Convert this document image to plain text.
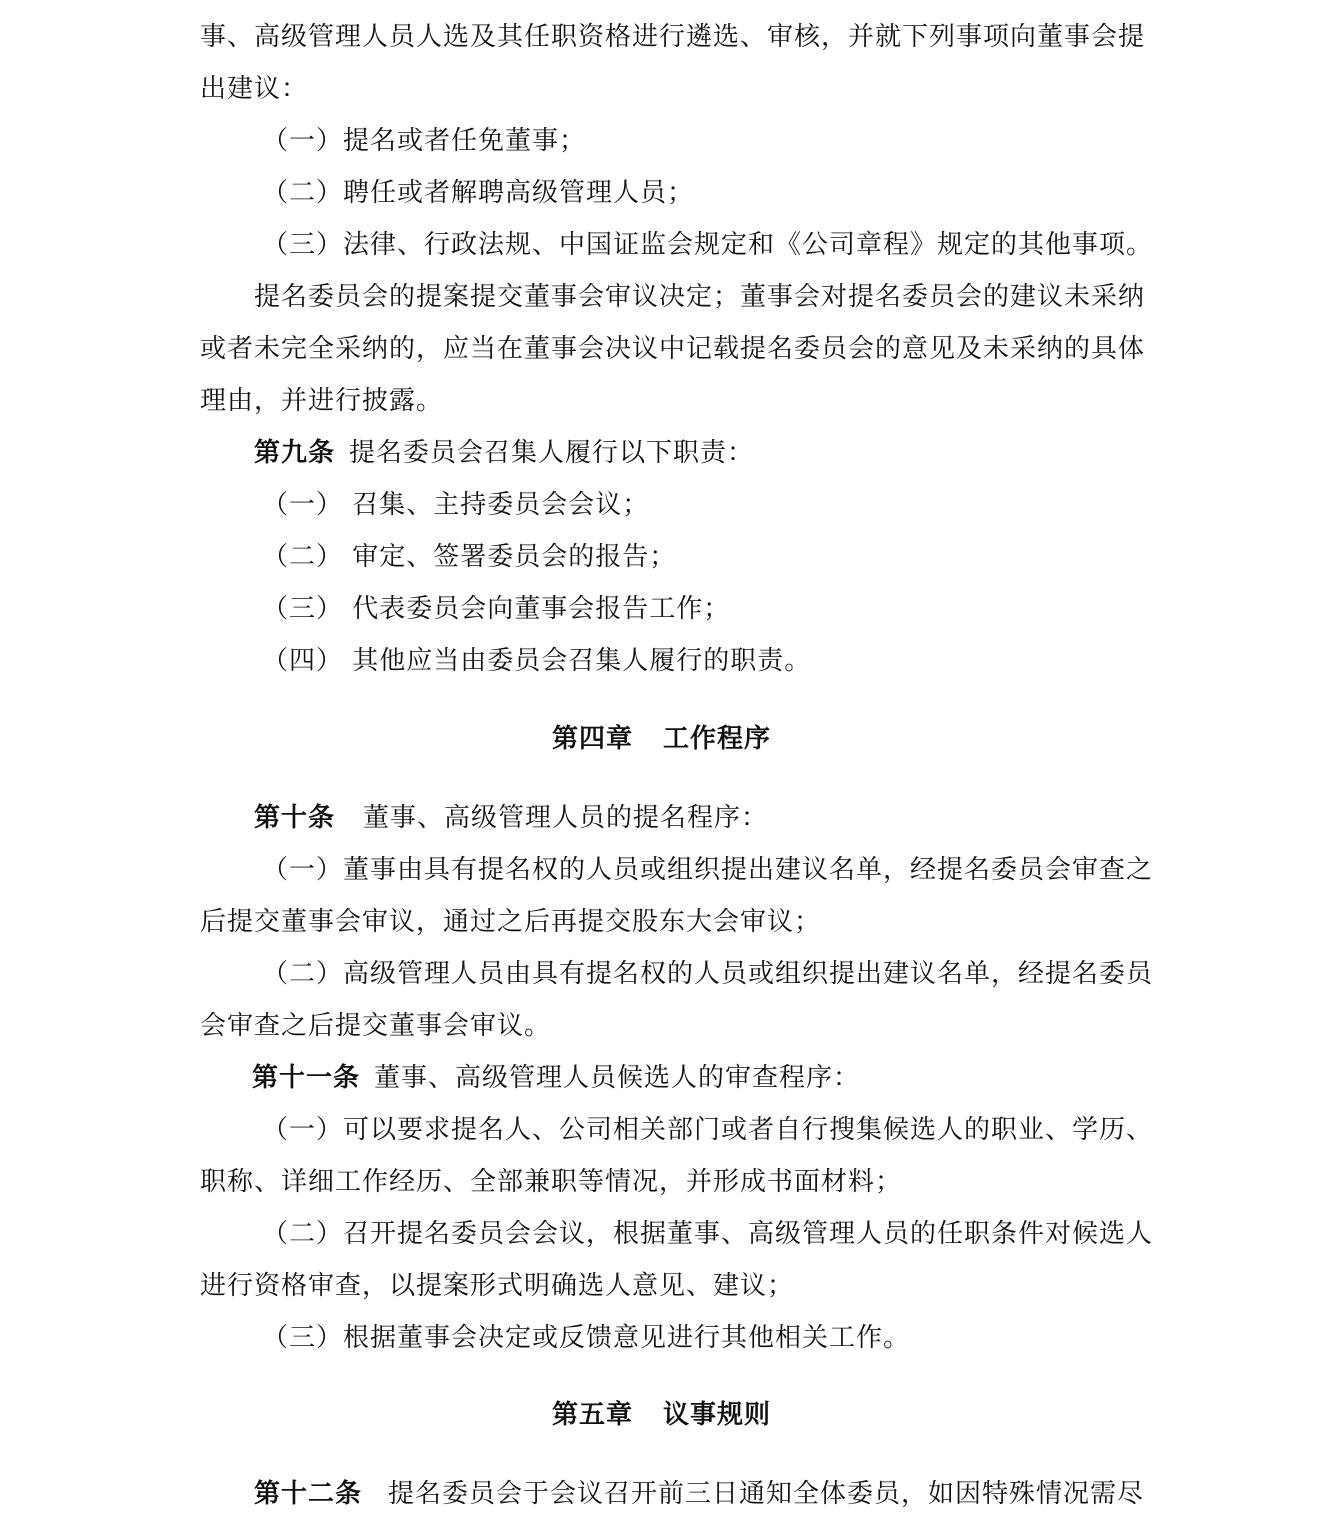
事、高级管理人员人选及其任职资格进行遴选、审核，并就下列事项向董事会提
出建议：
（一）提名或者任免董事；
（二）聘任或者解聘高级管理人员；
（三）法律、行政法规、中国证监会规定和《公司章程》规定的其他事项。
提名委员会的提案提交董事会审议决定；董事会对提名委员会的建议未采纳
或者未完全采纳的，应当在董事会决议中记载提名委员会的意见及未采纳的具体
理由，并进行披露。
第九条 提名委员会召集人履行以下职责：
（一） 召集、主持委员会会议；
（二） 审定、签署委员会的报告；
（三） 代表委员会向董事会报告工作；
（四） 其他应当由委员会召集人履行的职责。
第四章 工作程序
第十条 董事、高级管理人员的提名程序：
（一）董事由具有提名权的人员或组织提出建议名单，经提名委员会审查之
后提交董事会审议，通过之后再提交股东大会审议；
（二）高级管理人员由具有提名权的人员或组织提出建议名单，经提名委员
会审查之后提交董事会审议。
第十一条 董事、高级管理人员候选人的审查程序：
（一）可以要求提名人、公司相关部门或者自行搜集候选人的职业、学历、
职称、详细工作经历、全部兼职等情况，并形成书面材料；
（二）召开提名委员会会议，根据董事、高级管理人员的任职条件对候选人
进行资格审查，以提案形式明确选人意见、建议；
（三）根据董事会决定或反馈意见进行其他相关工作。
第五章 议事规则
第十二条 提名委员会于会议召开前三日通知全体委员，如因特殊情况需尽
